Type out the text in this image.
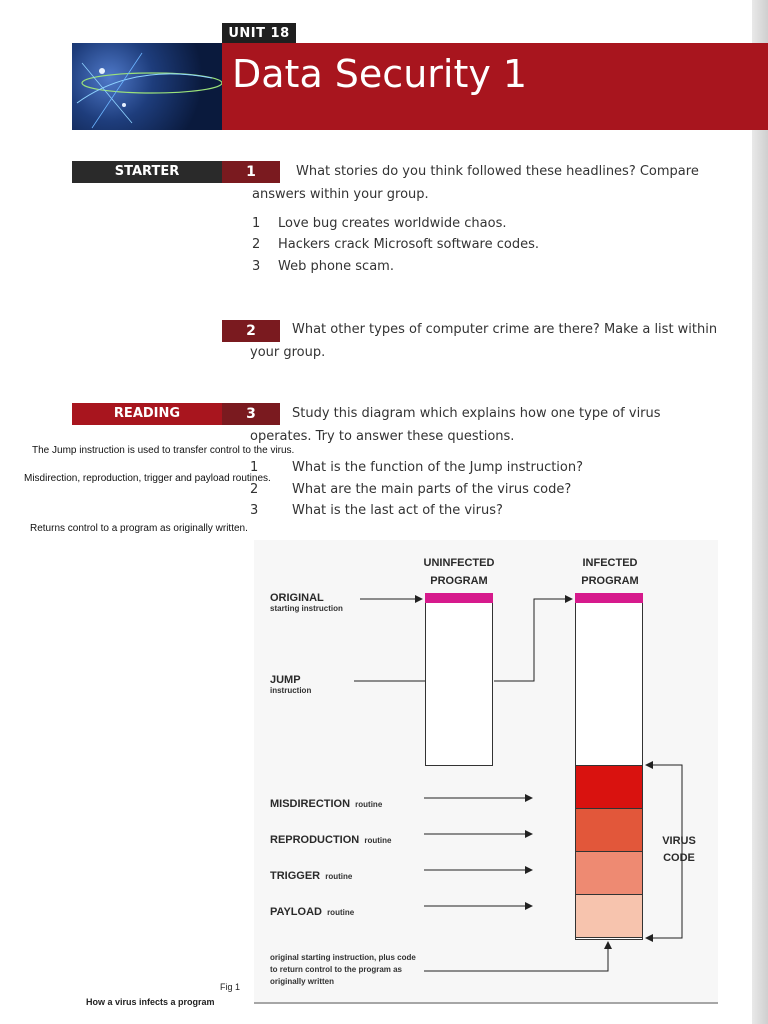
UNIT 18
Data Security 1
STARTER	1	What stories do you think followed these headlines? Compare answers within your group.
1 Love bug creates worldwide chaos.
2 Hackers crack Microsoft software codes.
3 Web phone scam.
2	What other types of computer crime are there? Make a list within your group.
READING	3	Study this diagram which explains how one type of virus operates. Try to answer these questions.
1	What is the function of the Jump instruction?
2	What are the main parts of the virus code?
3	What is the last act of the virus?
The Jump instruction is used to transfer control to the virus.
Misdirection, reproduction, trigger and payload routines.
Returns control to a program as originally written.
UNINFECTED PROGRAM
INFECTED PROGRAM
ORIGINAL
starting instruction
JUMP
instruction
MISDIRECTION routine
REPRODUCTION routine
TRIGGER routine
PAYLOAD routine
VIRUS CODE
original starting instruction, plus code to return control to the program as originally written
Fig 1
How a virus infects a program
